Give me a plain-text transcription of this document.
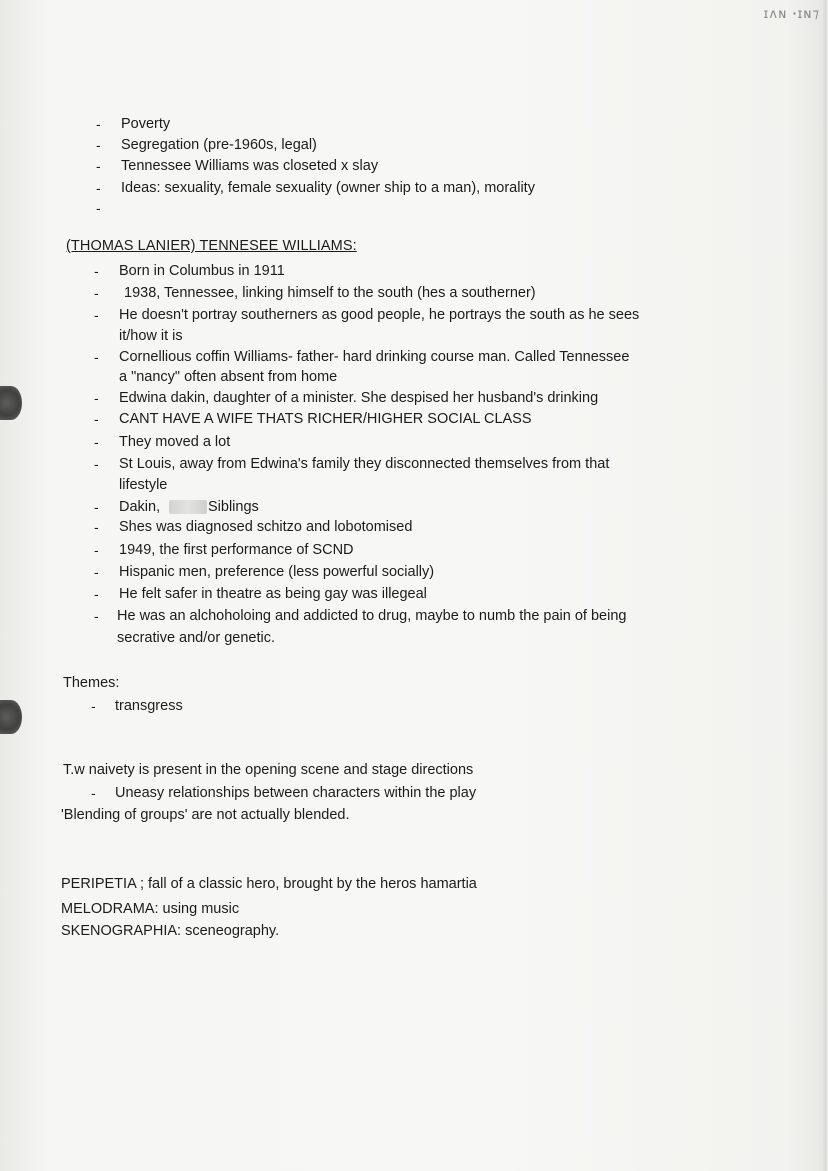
ɪʌɴ ꞏɪɴ⁊
- Poverty
- Segregation (pre-1960s, legal)
- Tennessee Williams was closeted x slay
- Ideas: sexuality, female sexuality (owner ship to a man), morality
-
(THOMAS LANIER) TENNESEE WILLIAMS:
- Born in Columbus in 1911
- 1938, Tennessee, linking himself to the south (hes a southerner)
- He doesn't portray southerners as good people, he portrays the south as he sees
it/how it is
- Cornellious coffin Williams- father- hard drinking course man. Called Tennessee
a "nancy" often absent from home
- Edwina dakin, daughter of a minister. She despised her husband's drinking
- CANT HAVE A WIFE THATS RICHER/HIGHER SOCIAL CLASS
- They moved a lot
- St Louis, away from Edwina's family they disconnected themselves from that
lifestyle
- Dakin,	Siblings
- Shes was diagnosed schitzo and lobotomised
- 1949, the first performance of SCND
- Hispanic men, preference (less powerful socially)
- He felt safer in theatre as being gay was illegeal
- He was an alchoholoing and addicted to drug, maybe to numb the pain of being
secrative and/or genetic.
Themes:
- transgress
T.w naivety is present in the opening scene and stage directions
- Uneasy relationships between characters within the play
'Blending of groups' are not actually blended.
PERIPETIA ; fall of a classic hero, brought by the heros hamartia
MELODRAMA: using music
SKENOGRAPHIA: sceneography.
